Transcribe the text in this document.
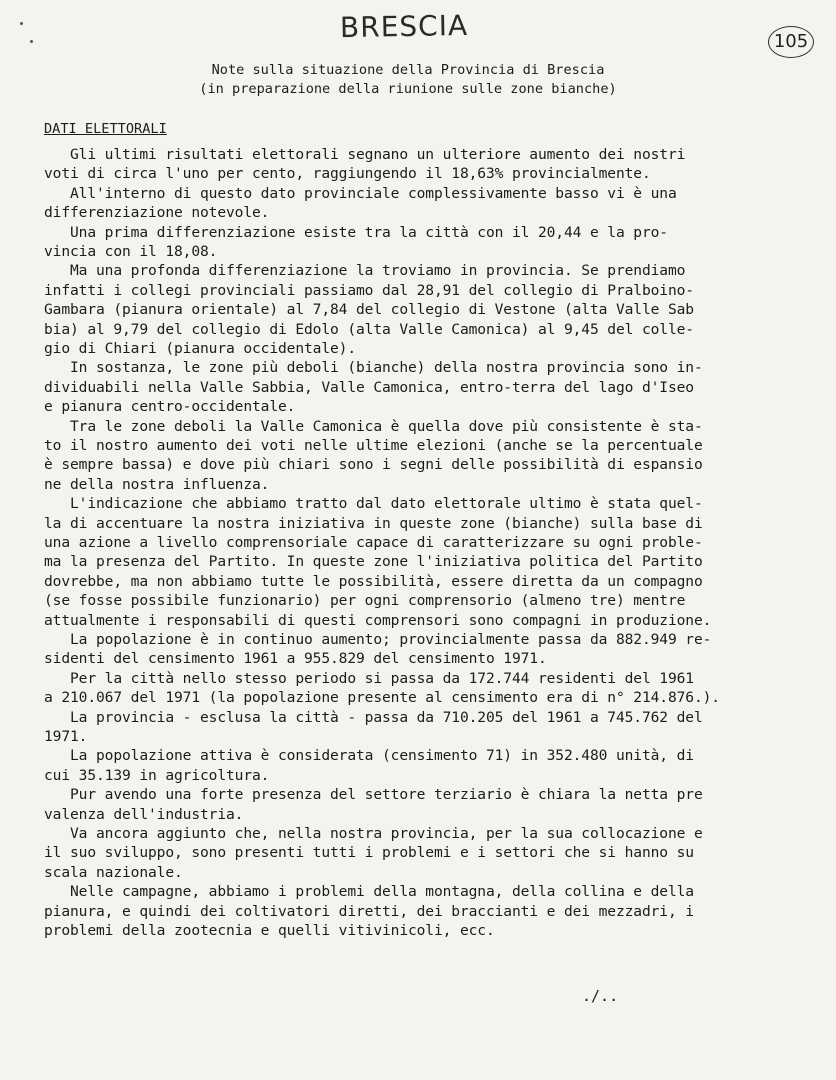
BRESCIA	105
Note sulla situazione della Provincia di Brescia
(in preparazione della riunione sulle zone bianche)
DATI ELETTORALI
Gli ultimi risultati elettorali segnano un ulteriore aumento dei nostri
voti di circa l'uno per cento, raggiungendo il 18,63% provincialmente.
All'interno di questo dato provinciale complessivamente basso vi è una
differenziazione notevole.
Una prima differenziazione esiste tra la città con il 20,44 e la pro-
vincia con il 18,08.
Ma una profonda differenziazione la troviamo in provincia. Se prendiamo
infatti i collegi provinciali passiamo dal 28,91 del collegio di Pralboino-
Gambara (pianura orientale) al 7,84 del collegio di Vestone (alta Valle Sab
bia) al 9,79 del collegio di Edolo (alta Valle Camonica) al 9,45 del colle-
gio di Chiari (pianura occidentale).
In sostanza, le zone più deboli (bianche) della nostra provincia sono in-
dividuabili nella Valle Sabbia, Valle Camonica, entro-terra del lago d'Iseo
e pianura centro-occidentale.
Tra le zone deboli la Valle Camonica è quella dove più consistente è sta-
to il nostro aumento dei voti nelle ultime elezioni (anche se la percentuale
è sempre bassa) e dove più chiari sono i segni delle possibilità di espansio
ne della nostra influenza.
L'indicazione che abbiamo tratto dal dato elettorale ultimo è stata quel-
la di accentuare la nostra iniziativa in queste zone (bianche) sulla base di
una azione a livello comprensoriale capace di caratterizzare su ogni proble-
ma la presenza del Partito. In queste zone l'iniziativa politica del Partito
dovrebbe, ma non abbiamo tutte le possibilità, essere diretta da un compagno
(se fosse possibile funzionario) per ogni comprensorio (almeno tre) mentre
attualmente i responsabili di questi comprensori sono compagni in produzione.
La popolazione è in continuo aumento; provincialmente passa da 882.949 re-
sidenti del censimento 1961 a 955.829 del censimento 1971.
Per la città nello stesso periodo si passa da 172.744 residenti del 1961
a 210.067 del 1971 (la popolazione presente al censimento era di n° 214.876.).
La provincia - esclusa la città - passa da 710.205 del 1961 a 745.762 del
1971.
La popolazione attiva è considerata (censimento 71) in 352.480 unità, di
cui 35.139 in agricoltura.
Pur avendo una forte presenza del settore terziario è chiara la netta pre
valenza dell'industria.
Va ancora aggiunto che, nella nostra provincia, per la sua collocazione e
il suo sviluppo, sono presenti tutti i problemi e i settori che si hanno su
scala nazionale.
Nelle campagne, abbiamo i problemi della montagna, della collina e della
pianura, e quindi dei coltivatori diretti, dei braccianti e dei mezzadri, i
problemi della zootecnia e quelli vitivinicoli, ecc.
./..
